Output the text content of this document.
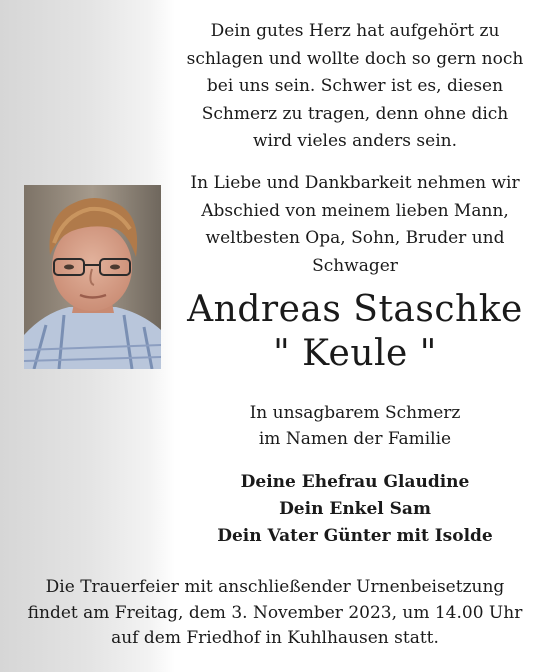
Dein gutes Herz hat aufgehört zu
schlagen und wollte doch so gern noch
bei uns sein. Schwer ist es, diesen
Schmerz zu tragen, denn ohne dich
wird vieles anders sein.
In Liebe und Dankbarkeit nehmen wir
Abschied von meinem lieben Mann,
weltbesten Opa, Sohn, Bruder und
Schwager
Andreas Staschke
" Keule "
In unsagbarem Schmerz
im Namen der Familie
Deine Ehefrau Glaudine
Dein Enkel Sam
Dein Vater Günter mit Isolde
Die Trauerfeier mit anschließender Urnenbeisetzung
findet am Freitag, dem 3. November 2023, um 14.00 Uhr
auf dem Friedhof in Kuhlhausen statt.
